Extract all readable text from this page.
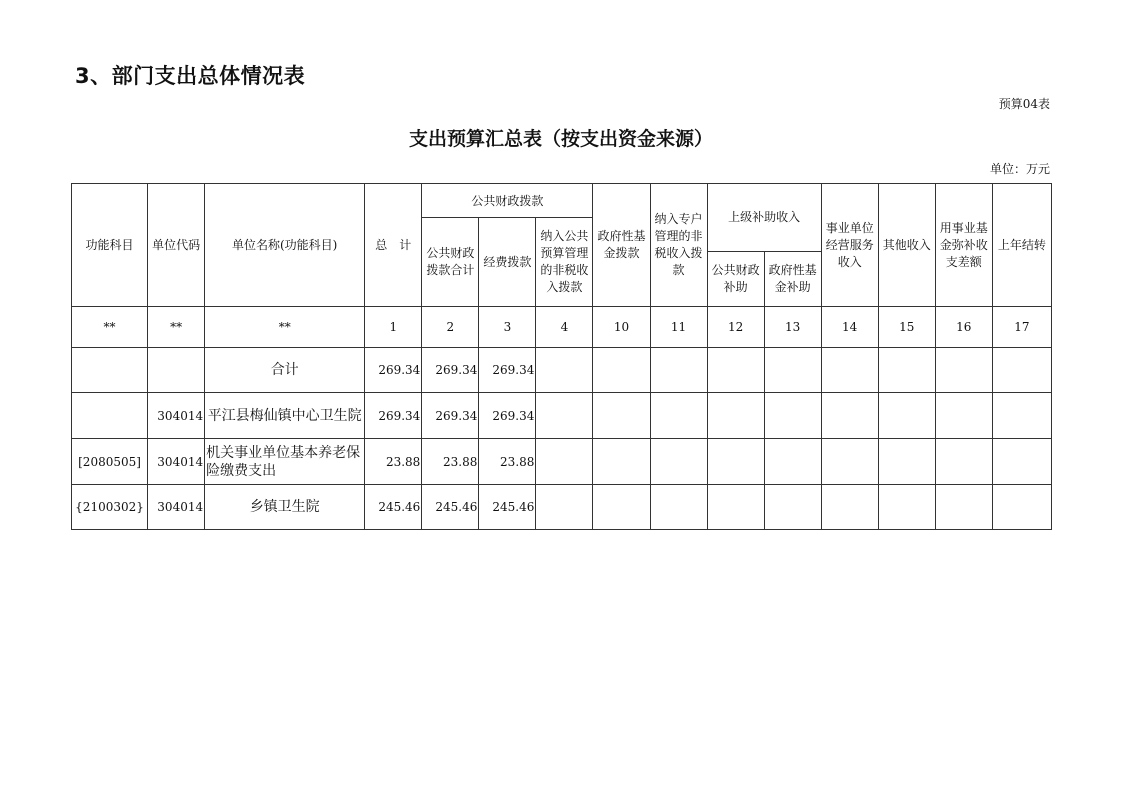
3、部门支出总体情况表
预算04表
支出预算汇总表（按支出资金来源）
单位：万元
功能科目	单位代码	单位名称(功能科目)	总　计	公共财政拨款			政府性基金拨款	纳入专户管理的非税收入拨款	上级补助收入		事业单位经营服务收入	其他收入	用事业基金弥补收支差额	上年结转
				公共财政拨款合计	经费拨款	纳入公共预算管理的非税收入拨款								
									公共财政补助	政府性基金补助				
**	**	**	1	2	3	4	10	11	12	13	14	15	16	17
		合计	269.34	269.34	269.34									
	304014	平江县梅仙镇中心卫生院	269.34	269.34	269.34									
[2080505]	304014	机关事业单位基本养老保险缴费支出	23.88	23.88	23.88									
{2100302}	304014	乡镇卫生院	245.46	245.46	245.46									
